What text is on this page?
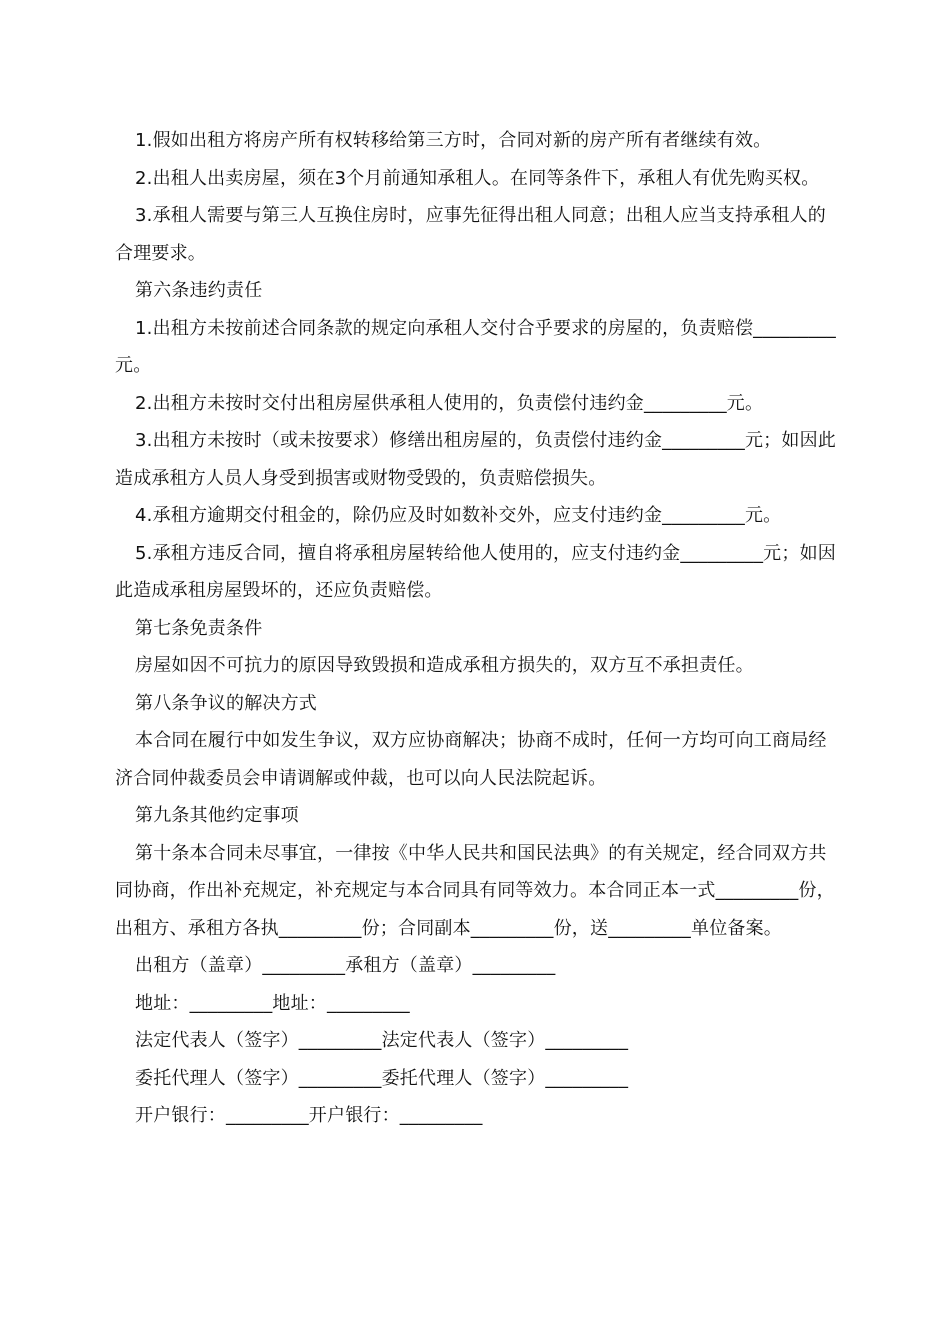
1.假如出租方将房产所有权转移给第三方时，合同对新的房产所有者继续有效。

2.出租人出卖房屋，须在3个月前通知承租人。在同等条件下，承租人有优先购买权。

3.承租人需要与第三人互换住房时，应事先征得出租人同意；出租人应当支持承租人的合理要求。

第六条违约责任

1.出租方未按前述合同条款的规定向承租人交付合乎要求的房屋的，负责赔偿_________元。

2.出租方未按时交付出租房屋供承租人使用的，负责偿付违约金_________元。

3.出租方未按时（或未按要求）修缮出租房屋的，负责偿付违约金_________元；如因此造成承租方人员人身受到损害或财物受毁的，负责赔偿损失。

4.承租方逾期交付租金的，除仍应及时如数补交外，应支付违约金_________元。

5.承租方违反合同，擅自将承租房屋转给他人使用的，应支付违约金_________元；如因此造成承租房屋毁坏的，还应负责赔偿。

第七条免责条件

房屋如因不可抗力的原因导致毁损和造成承租方损失的，双方互不承担责任。

第八条争议的解决方式

本合同在履行中如发生争议，双方应协商解决；协商不成时，任何一方均可向工商局经济合同仲裁委员会申请调解或仲裁，也可以向人民法院起诉。

第九条其他约定事项

第十条本合同未尽事宜，一律按《中华人民共和国民法典》的有关规定，经合同双方共同协商，作出补充规定，补充规定与本合同具有同等效力。本合同正本一式_________份，出租方、承租方各执_________份；合同副本_________份，送_________单位备案。

出租方（盖章）_________承租方（盖章）_________

地址：_________地址：_________

法定代表人（签字）_________法定代表人（签字）_________

委托代理人（签字）_________委托代理人（签字）_________

开户银行：_________开户银行：_________
